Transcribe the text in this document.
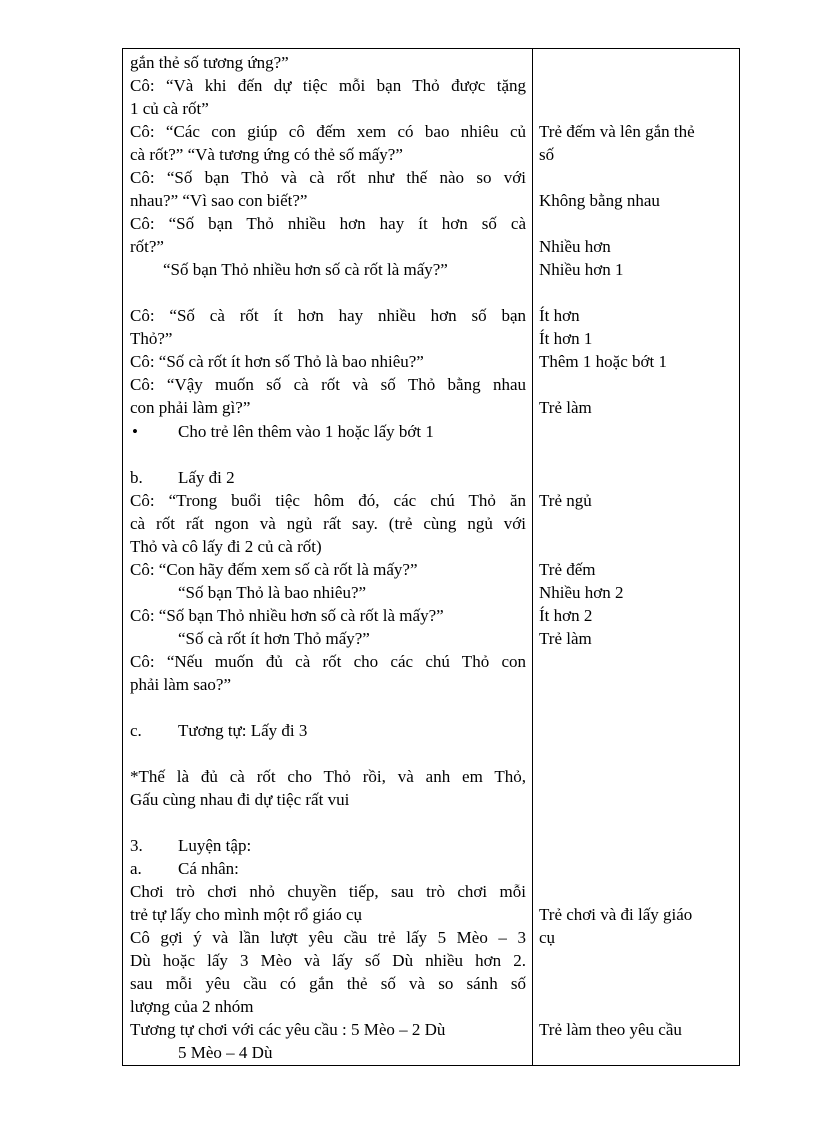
gắn thẻ số tương ứng?”
Cô: “Và khi đến dự tiệc mỗi bạn Thỏ được tặng
1 củ cà rốt”
Cô: “Các con giúp cô đếm xem có bao nhiêu củ
cà rốt?” “Và tương ứng có thẻ số mấy?”
Cô: “Số bạn Thỏ và cà rốt như thế nào so với
nhau?” “Vì sao con biết?”
Cô: “Số bạn Thỏ nhiều hơn hay ít hơn số cà
rốt?”
“Số bạn Thỏ nhiều hơn số cà rốt là mấy?”
Cô: “Số cà rốt ít hơn hay nhiều hơn số bạn
Thỏ?”
Cô: “Số cà rốt ít hơn số Thỏ là bao nhiêu?”
Cô: “Vậy muốn số cà rốt và số Thỏ bằng nhau
con phải làm gì?”
• Cho trẻ lên thêm vào 1 hoặc lấy bớt 1
b. Lấy đi 2
Cô: “Trong buổi tiệc hôm đó, các chú Thỏ ăn
cà rốt rất ngon và ngủ rất say. (trẻ cùng ngủ với
Thỏ và cô lấy đi 2 củ cà rốt)
Cô: “Con hãy đếm xem số cà rốt là mấy?”
“Số bạn Thỏ là bao nhiêu?”
Cô: “Số bạn Thỏ nhiều hơn số cà rốt là mấy?”
“Số cà rốt ít hơn Thỏ mấy?”
Cô: “Nếu muốn đủ cà rốt cho các chú Thỏ con
phải làm sao?”
c. Tương tự: Lấy đi 3
*Thế là đủ cà rốt cho Thỏ rồi, và anh em Thỏ,
Gấu cùng nhau đi dự tiệc rất vui
3. Luyện tập:
a. Cá nhân:
Chơi trò chơi nhỏ chuyền tiếp, sau trò chơi mỗi
trẻ tự lấy cho mình một rổ giáo cụ
Cô gợi ý và lần lượt yêu cầu trẻ lấy 5 Mèo – 3
Dù hoặc lấy 3 Mèo và lấy số Dù nhiều hơn 2.
sau mỗi yêu cầu có gắn thẻ số và so sánh số
lượng của 2 nhóm
Tương tự chơi với các yêu cầu : 5 Mèo – 2 Dù
5 Mèo – 4 Dù
Trẻ đếm và lên gắn thẻ
số
Không bằng nhau
Nhiều hơn
Nhiều hơn 1
Ít hơn
Ít hơn 1
Thêm 1 hoặc bớt 1
Trẻ làm
Trẻ ngủ
Trẻ đếm
Nhiều hơn 2
Ít hơn 2
Trẻ làm
Trẻ chơi và đi lấy giáo
cụ
Trẻ làm theo yêu cầu
